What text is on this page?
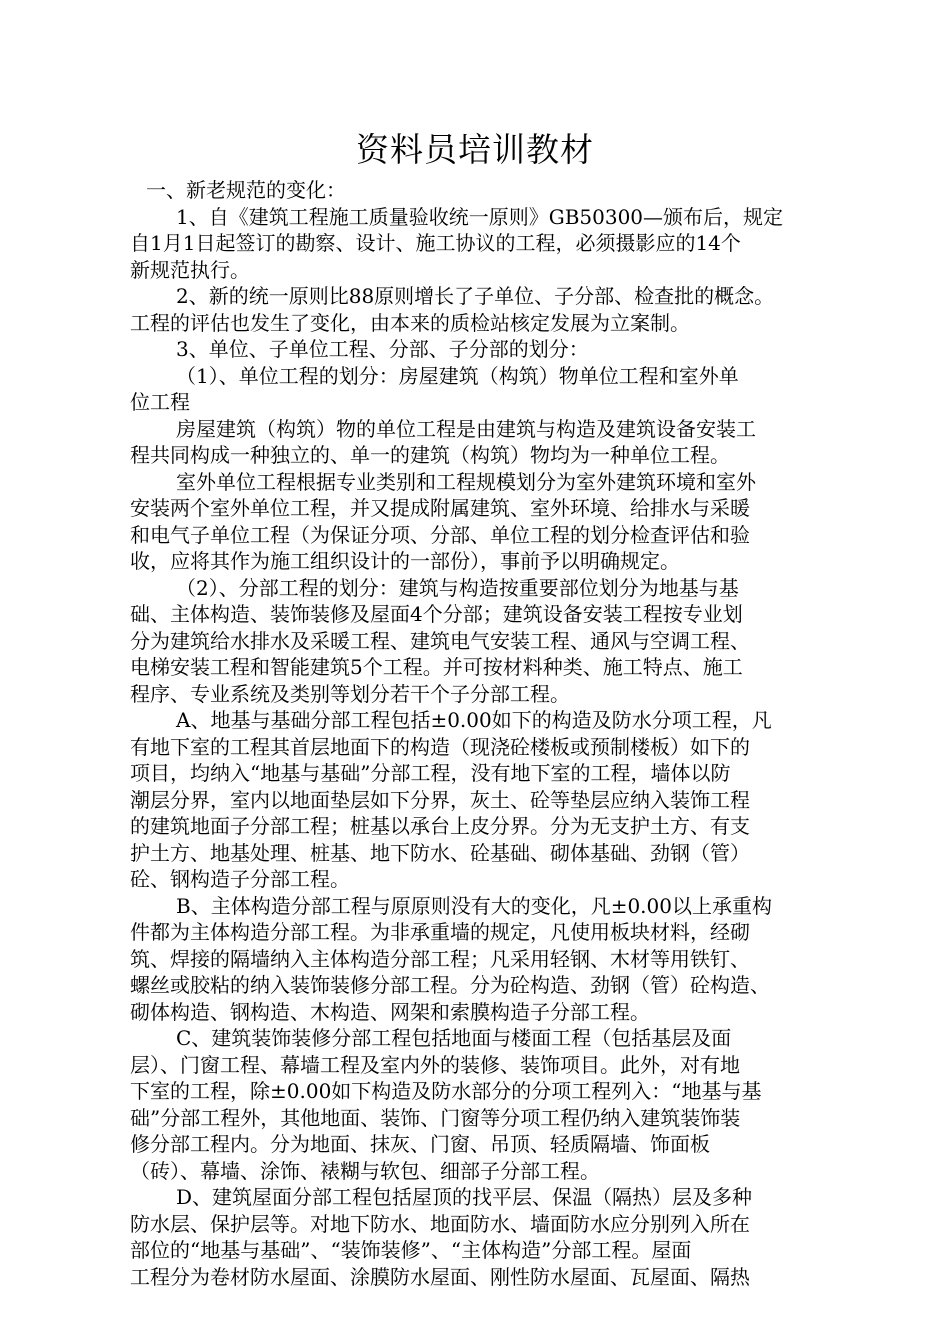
资料员培训教材
一、新老规范的变化：
1、自《建筑工程施工质量验收统一原则》GB50300—颁布后，规定
自1月1日起签订的勘察、设计、施工协议的工程，必须摄影应的14个
新规范执行。
2、新的统一原则比88原则增长了子单位、子分部、检查批的概念。
工程的评估也发生了变化，由本来的质检站核定发展为立案制。
3、单位、子单位工程、分部、子分部的划分：
（1）、单位工程的划分：房屋建筑（构筑）物单位工程和室外单
位工程
房屋建筑（构筑）物的单位工程是由建筑与构造及建筑设备安装工
程共同构成一种独立的、单一的建筑（构筑）物均为一种单位工程。
室外单位工程根据专业类别和工程规模划分为室外建筑环境和室外
安装两个室外单位工程，并又提成附属建筑、室外环境、给排水与采暖
和电气子单位工程（为保证分项、分部、单位工程的划分检查评估和验
收，应将其作为施工组织设计的一部份），事前予以明确规定。
（2）、分部工程的划分：建筑与构造按重要部位划分为地基与基
础、主体构造、装饰装修及屋面4个分部；建筑设备安装工程按专业划
分为建筑给水排水及采暖工程、建筑电气安装工程、通风与空调工程、
电梯安装工程和智能建筑5个工程。并可按材料种类、施工特点、施工
程序、专业系统及类别等划分若干个子分部工程。
A、地基与基础分部工程包括±0.00如下的构造及防水分项工程，凡
有地下室的工程其首层地面下的构造（现浇砼楼板或预制楼板）如下的
项目，均纳入“地基与基础”分部工程，没有地下室的工程，墙体以防
潮层分界，室内以地面垫层如下分界，灰土、砼等垫层应纳入装饰工程
的建筑地面子分部工程；桩基以承台上皮分界。分为无支护土方、有支
护土方、地基处理、桩基、地下防水、砼基础、砌体基础、劲钢（管）
砼、钢构造子分部工程。
B、主体构造分部工程与原原则没有大的变化，凡±0.00以上承重构
件都为主体构造分部工程。为非承重墙的规定，凡使用板块材料，经砌
筑、焊接的隔墙纳入主体构造分部工程；凡采用轻钢、木材等用铁钉、
螺丝或胶粘的纳入装饰装修分部工程。分为砼构造、劲钢（管）砼构造、
砌体构造、钢构造、木构造、网架和索膜构造子分部工程。
C、建筑装饰装修分部工程包括地面与楼面工程（包括基层及面
层）、门窗工程、幕墙工程及室内外的装修、装饰项目。此外，对有地
下室的工程，除±0.00如下构造及防水部分的分项工程列入：“地基与基
础”分部工程外，其他地面、装饰、门窗等分项工程仍纳入建筑装饰装
修分部工程内。分为地面、抹灰、门窗、吊顶、轻质隔墙、饰面板
（砖）、幕墙、涂饰、裱糊与软包、细部子分部工程。
D、建筑屋面分部工程包括屋顶的找平层、保温（隔热）层及多种
防水层、保护层等。对地下防水、地面防水、墙面防水应分别列入所在
部位的“地基与基础”、“装饰装修”、“主体构造”分部工程。屋面
工程分为卷材防水屋面、涂膜防水屋面、刚性防水屋面、瓦屋面、隔热
